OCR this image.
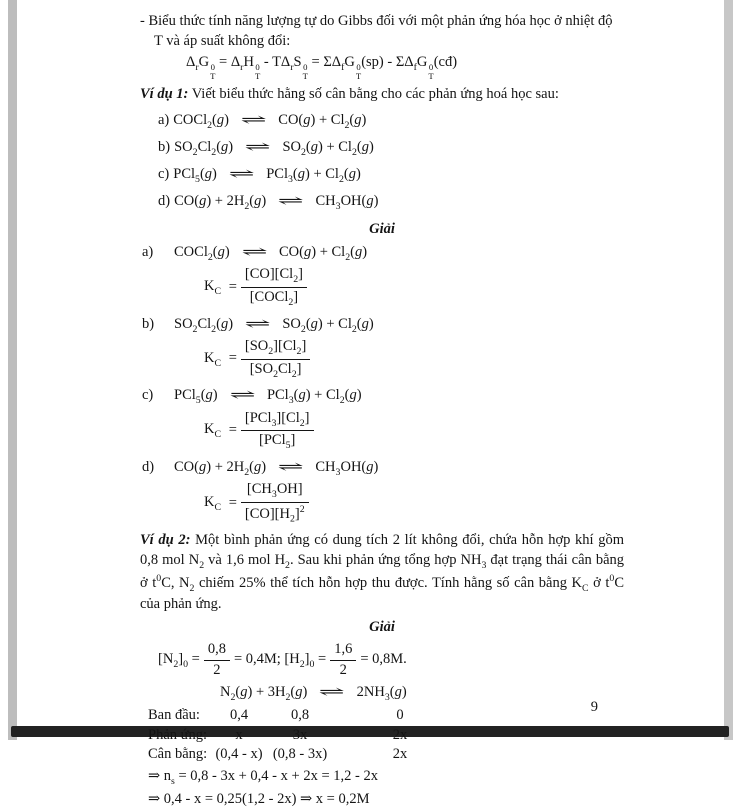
- Biểu thức tính năng lượng tự do Gibbs đối với một phản ứng hóa học ở nhiệt độ
T và áp suất không đổi:
$\Delta_rG$ 0
T
= $\Delta_rH$ 0
T
- $T\Delta_rS$ 0
T
= $\Sigma\Delta_fG$ 0
T
$(sp) - \Sigma\Delta_fG$ 0
T
(cđ)
Ví dụ 1: Viết biểu thức hằng số cân bằng cho các phản ứng hoá học sau:
a) COCl$_2$(g) ⇌ $CO(g) + Cl_2(g)$
b) $SO_2Cl_2(g)$ ⇌ $SO_2(g) + Cl_2(g)$
c) PCl$_5$(g) ⇌ $PCl_3(g) + Cl_2(g)$
d) $CO(g) + 2H_2(g)$ ⇌ $CH_3OH(g)$
Giải
a) COCl$_2$(g) ⇌ $CO(g) + Cl_2(g)$
$K_C = \frac{[CO][Cl_2]}{[COCl_2]}$
b) $SO_2Cl_2(g)$ ⇌ $SO_2(g) + Cl_2(g)$
$K_C = \frac{[SO_2][Cl_2]}{[SO_2Cl_2]}$
c) PCl$_5$(g) ⇌ $PCl_3(g) + Cl_2(g)$
$K_C = \frac{[PCl_3][Cl_2]}{[PCl_5]}$
d) $CO(g) + 2H_2(g)$ ⇌ $CH_3OH(g)$
$K_C = \frac{[CH_3OH]}{[CO][H_2]^2}$
Ví dụ 2: Một bình phản ứng có dung tích 2 lít không đổi, chứa hỗn hợp khí gồm 0,8 mol $N_2$ và 1,6 mol $H_2$. Sau khi phản ứng tổng hợp $NH_3$ đạt trạng thái cân bằng ở $t^0C$, $N_2$ chiếm 25% thể tích hỗn hợp thu được. Tính hằng số cân bằng $K_C$ ở $t^0C$ của phản ứng.
Giải
$[N_2]_0 = \frac{0,8}{2} = 0,4M$; $[H_2]_0 = \frac{1,6}{2} = 0,8M$.
$N_2(g) + 3H_2(g)$ ⇌ $2NH_3(g)$
Ban đầu:	0,4	0,8	0
Phản ứng:	x	3x	2x
Cân bằng: (0,4 - x) (0,8 - 3x)	2x
⇒ $n_s = 0,8 - 3x + 0,4 - x + 2x = 1,2 - 2x$
⇒ 0,4 - x = 0,25(1,2 - 2x) ⇒ x = 0,2M
9
